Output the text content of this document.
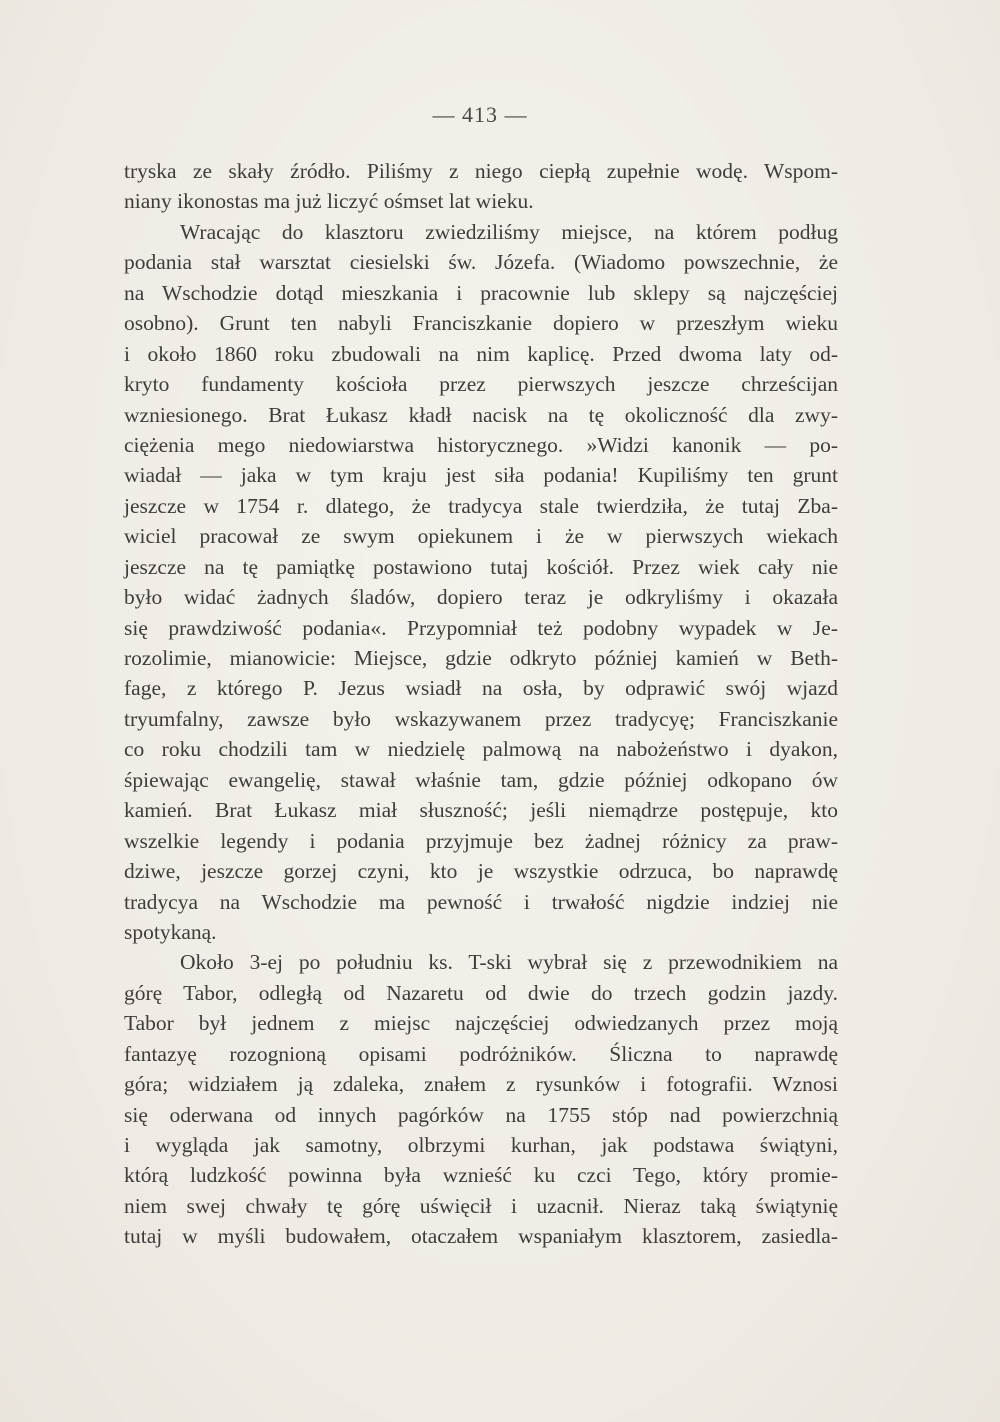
— 413 —
tryska ze skały źródło. Piliśmy z niego ciepłą zupełnie wodę. Wspom-
niany ikonostas ma już liczyć ośmset lat wieku.
Wracając do klasztoru zwiedziliśmy miejsce, na którem podług
podania stał warsztat ciesielski św. Józefa. (Wiadomo powszechnie, że
na Wschodzie dotąd mieszkania i pracownie lub sklepy są najczęściej
osobno). Grunt ten nabyli Franciszkanie dopiero w przeszłym wieku
i około 1860 roku zbudowali na nim kaplicę. Przed dwoma laty od-
kryto fundamenty kościoła przez pierwszych jeszcze chrześcijan
wzniesionego. Brat Łukasz kładł nacisk na tę okoliczność dla zwy-
ciężenia mego niedowiarstwa historycznego. »Widzi kanonik — po-
wiadał — jaka w tym kraju jest siła podania! Kupiliśmy ten grunt
jeszcze w 1754 r. dlatego, że tradycya stale twierdziła, że tutaj Zba-
wiciel pracował ze swym opiekunem i że w pierwszych wiekach
jeszcze na tę pamiątkę postawiono tutaj kościół. Przez wiek cały nie
było widać żadnych śladów, dopiero teraz je odkryliśmy i okazała
się prawdziwość podania«. Przypomniał też podobny wypadek w Je-
rozolimie, mianowicie: Miejsce, gdzie odkryto później kamień w Beth-
fage, z którego P. Jezus wsiadł na osła, by odprawić swój wjazd
tryumfalny, zawsze było wskazywanem przez tradycyę; Franciszkanie
co roku chodzili tam w niedzielę palmową na nabożeństwo i dyakon,
śpiewając ewangelię, stawał właśnie tam, gdzie później odkopano ów
kamień. Brat Łukasz miał słuszność; jeśli niemądrze postępuje, kto
wszelkie legendy i podania przyjmuje bez żadnej różnicy za praw-
dziwe, jeszcze gorzej czyni, kto je wszystkie odrzuca, bo naprawdę
tradycya na Wschodzie ma pewność i trwałość nigdzie indziej nie
spotykaną.
Około 3-ej po południu ks. T-ski wybrał się z przewodnikiem na
górę Tabor, odległą od Nazaretu od dwie do trzech godzin jazdy.
Tabor był jednem z miejsc najczęściej odwiedzanych przez moją
fantazyę rozognioną opisami podróżników. Śliczna to naprawdę
góra; widziałem ją zdaleka, znałem z rysunków i fotografii. Wznosi
się oderwana od innych pagórków na 1755 stóp nad powierzchnią
i wygląda jak samotny, olbrzymi kurhan, jak podstawa świątyni,
którą ludzkość powinna była wznieść ku czci Tego, który promie-
niem swej chwały tę górę uświęcił i uzacnił. Nieraz taką świątynię
tutaj w myśli budowałem, otaczałem wspaniałym klasztorem, zasiedla-
